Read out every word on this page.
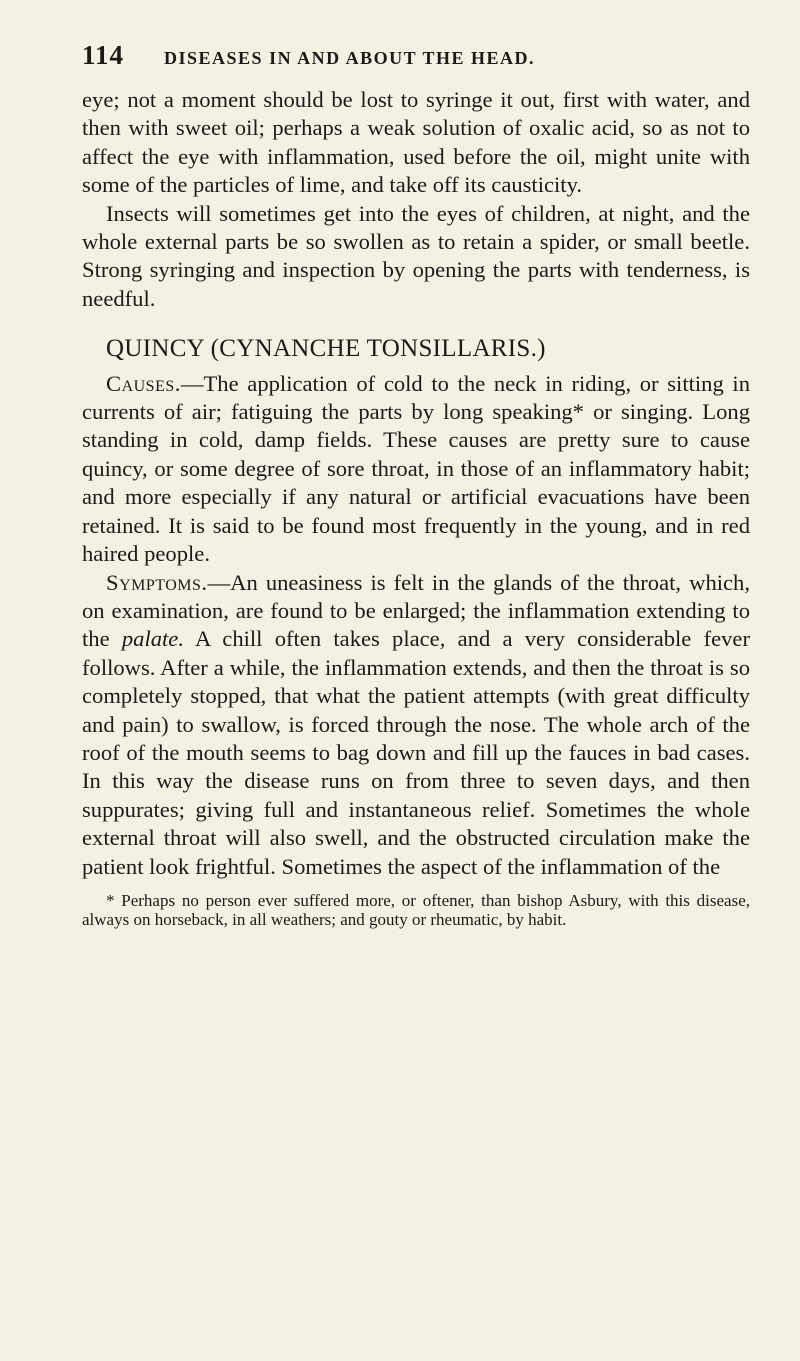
114 DISEASES IN AND ABOUT THE HEAD.

eye; not a moment should be lost to syringe it out, first with water, and then with sweet oil; perhaps a weak solution of oxalic acid, so as not to affect the eye with inflammation, used before the oil, might unite with some of the particles of lime, and take off its causticity.

Insects will sometimes get into the eyes of children, at night, and the whole external parts be so swollen as to retain a spider, or small beetle. Strong syringing and inspection by opening the parts with tenderness, is needful.

QUINCY (CYNANCHE TONSILLARIS.)

Causes.—The application of cold to the neck in riding, or sitting in currents of air; fatiguing the parts by long speaking* or singing. Long standing in cold, damp fields. These causes are pretty sure to cause quincy, or some degree of sore throat, in those of an inflammatory habit; and more especially if any natural or artificial evacuations have been retained. It is said to be found most frequently in the young, and in red haired people.

Symptoms.—An uneasiness is felt in the glands of the throat, which, on examination, are found to be enlarged; the inflammation extending to the palate. A chill often takes place, and a very considerable fever follows. After a while, the inflammation extends, and then the throat is so completely stopped, that what the patient attempts (with great difficulty and pain) to swallow, is forced through the nose. The whole arch of the roof of the mouth seems to bag down and fill up the fauces in bad cases. In this way the disease runs on from three to seven days, and then suppurates; giving full and instantaneous relief. Sometimes the whole external throat will also swell, and the obstructed circulation make the patient look frightful. Sometimes the aspect of the inflammation of the

* Perhaps no person ever suffered more, or oftener, than bishop Asbury, with this disease, always on horseback, in all weathers; and gouty or rheumatic, by habit.
